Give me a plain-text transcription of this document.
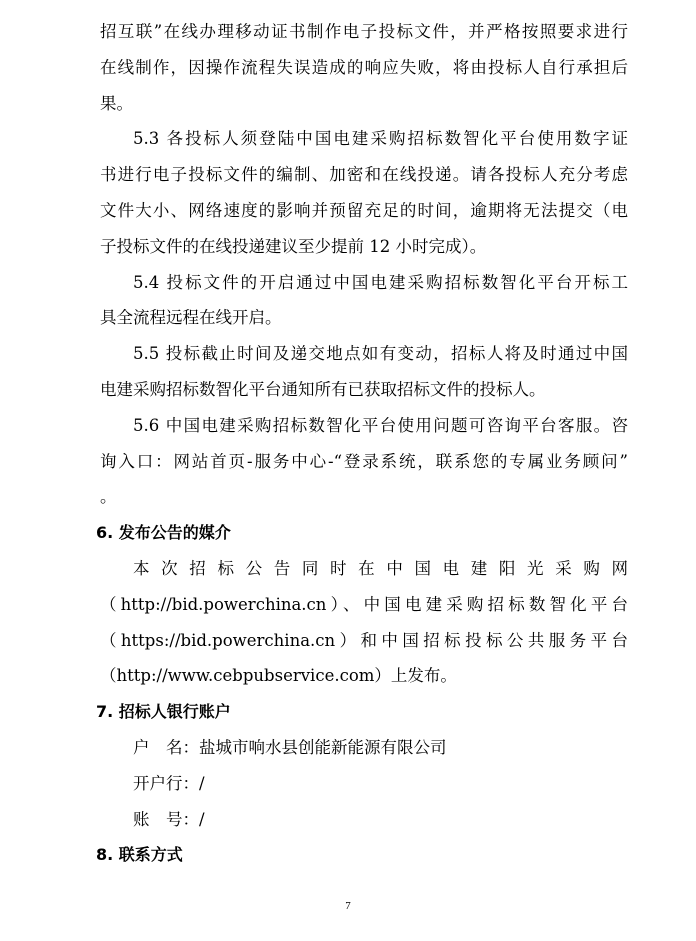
招互联”在线办理移动证书制作电子投标文件，并严格按照要求进行
在线制作，因操作流程失误造成的响应失败，将由投标人自行承担后
果。
5.3 各投标人须登陆中国电建采购招标数智化平台使用数字证
书进行电子投标文件的编制、加密和在线投递。请各投标人充分考虑
文件大小、网络速度的影响并预留充足的时间，逾期将无法提交（电
子投标文件的在线投递建议至少提前 12 小时完成）。
5.4 投标文件的开启通过中国电建采购招标数智化平台开标工
具全流程远程在线开启。
5.5 投标截止时间及递交地点如有变动，招标人将及时通过中国
电建采购招标数智化平台通知所有已获取招标文件的投标人。
5.6 中国电建采购招标数智化平台使用问题可咨询平台客服。咨
询入口：网站首页-服务中心-“登录系统，联系您的专属业务顾问”
。
6. 发布公告的媒介
本次招标公告同时在中国电建阳光采购网
（http://bid.powerchina.cn）、中国电建采购招标数智化平台
（https://bid.powerchina.cn）和中国招标投标公共服务平台
（http://www.cebpubservice.com）上发布。
7. 招标人银行账户
户　名：盐城市响水县创能新能源有限公司
开户行：/
账　号：/
8. 联系方式
7
